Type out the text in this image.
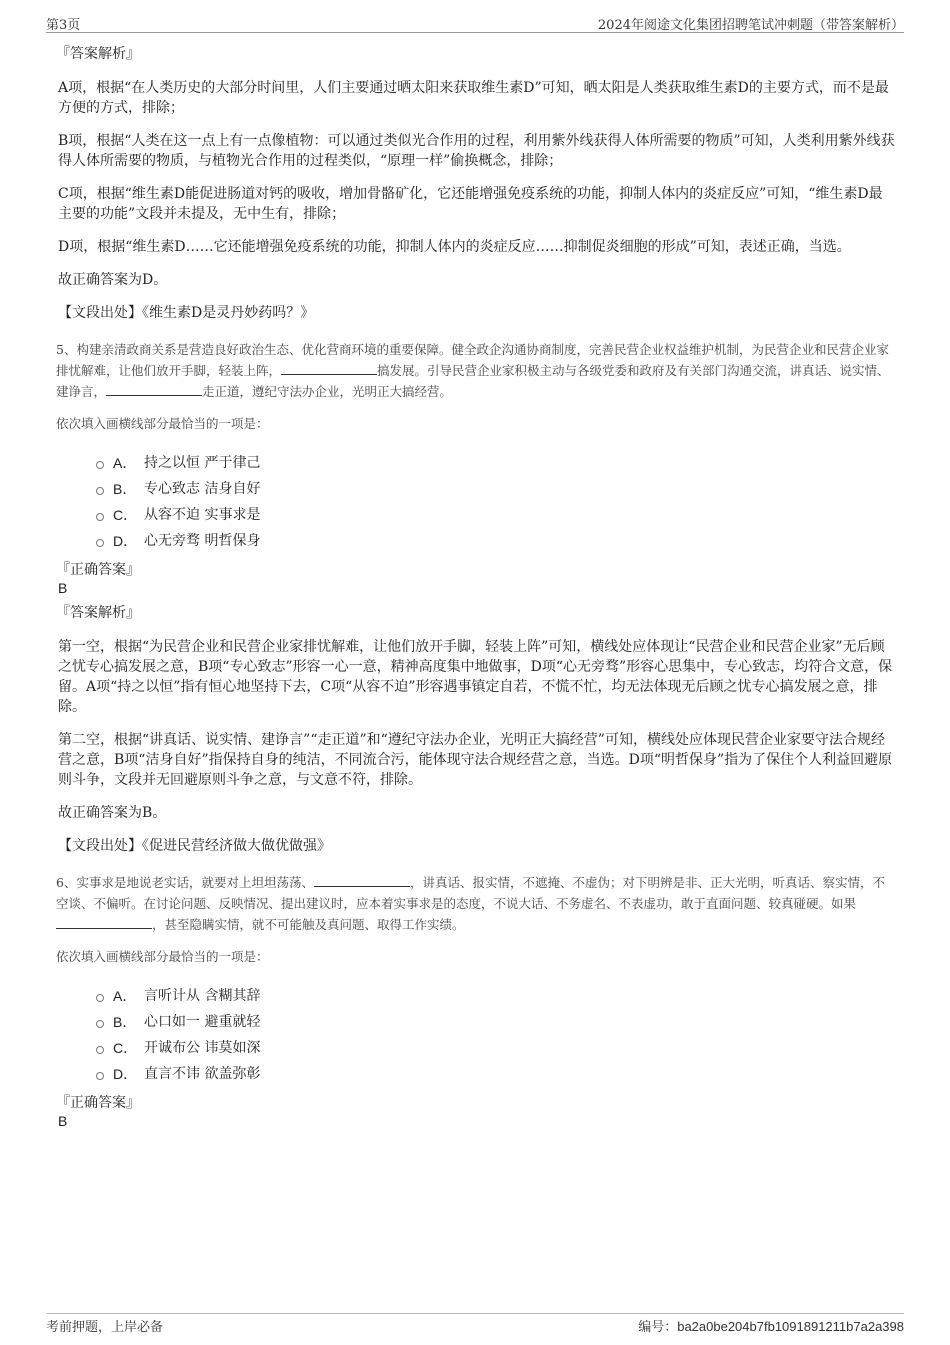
第3页	2024年阅途文化集团招聘笔试冲刺题（带答案解析）

『答案解析』

A项，根据“在人类历史的大部分时间里，人们主要通过晒太阳来获取维生素D”可知，晒太阳是人类获取维生素D的主要方式，而不是最方便的方式，排除；

B项，根据“人类在这一点上有一点像植物：可以通过类似光合作用的过程，利用紫外线获得人体所需要的物质”可知，人类利用紫外线获得人体所需要的物质，与植物光合作用的过程类似，“原理一样”偷换概念，排除；

C项，根据“维生素D能促进肠道对钙的吸收，增加骨骼矿化，它还能增强免疫系统的功能，抑制人体内的炎症反应”可知，“维生素D最主要的功能”文段并未提及，无中生有，排除；

D项，根据“维生素D……它还能增强免疫系统的功能，抑制人体内的炎症反应……抑制促炎细胞的形成”可知，表述正确，当选。

故正确答案为D。

【文段出处】《维生素D是灵丹妙药吗？》

5、构建亲清政商关系是营造良好政治生态、优化营商环境的重要保障。健全政企沟通协商制度，完善民营企业权益维护机制，为民营企业和民营企业家排忧解难，让他们放开手脚，轻装上阵，	搞发展。引导民营企业家积极主动与各级党委和政府及有关部门沟通交流，讲真话、说实情、建诤言，	走正道，遵纪守法办企业，光明正大搞经营。

依次填入画横线部分最恰当的一项是：

A． 持之以恒 严于律己
B． 专心致志 洁身自好
C． 从容不迫 实事求是
D． 心无旁骛 明哲保身

『正确答案』

B

『答案解析』

第一空，根据“为民营企业和民营企业家排忧解难，让他们放开手脚，轻装上阵”可知，横线处应体现让“民营企业和民营企业家”无后顾之忧专心搞发展之意，B项“专心致志”形容一心一意，精神高度集中地做事，D项“心无旁骛”形容心思集中，专心致志，均符合文意，保留。A项“持之以恒”指有恒心地坚持下去，C项“从容不迫”形容遇事镇定自若，不慌不忙，均无法体现无后顾之忧专心搞发展之意，排除。

第二空，根据“讲真话、说实情、建诤言”“走正道”和“遵纪守法办企业，光明正大搞经营”可知，横线处应体现民营企业家要守法合规经营之意，B项“洁身自好”指保持自身的纯洁，不同流合污，能体现守法合规经营之意，当选。D项“明哲保身”指为了保住个人利益回避原则斗争，文段并无回避原则斗争之意，与文意不符，排除。

故正确答案为B。

【文段出处】《促进民营经济做大做优做强》

6、实事求是地说老实话，就要对上坦坦荡荡、	，讲真话、报实情，不遮掩、不虚伪；对下明辨是非、正大光明，听真话、察实情，不空谈、不偏听。在讨论问题、反映情况、提出建议时，应本着实事求是的态度，不说大话、不务虚名、不表虚功，敢于直面问题、较真碰硬。如果，甚至隐瞒实情，就不可能触及真问题、取得工作实绩。

依次填入画横线部分最恰当的一项是：

A． 言听计从 含糊其辞
B． 心口如一 避重就轻
C． 开诚布公 讳莫如深
D． 直言不讳 欲盖弥彰

『正确答案』

B

考前押题，上岸必备	编号：ba2a0be204b7fb1091891211b7a2a398
